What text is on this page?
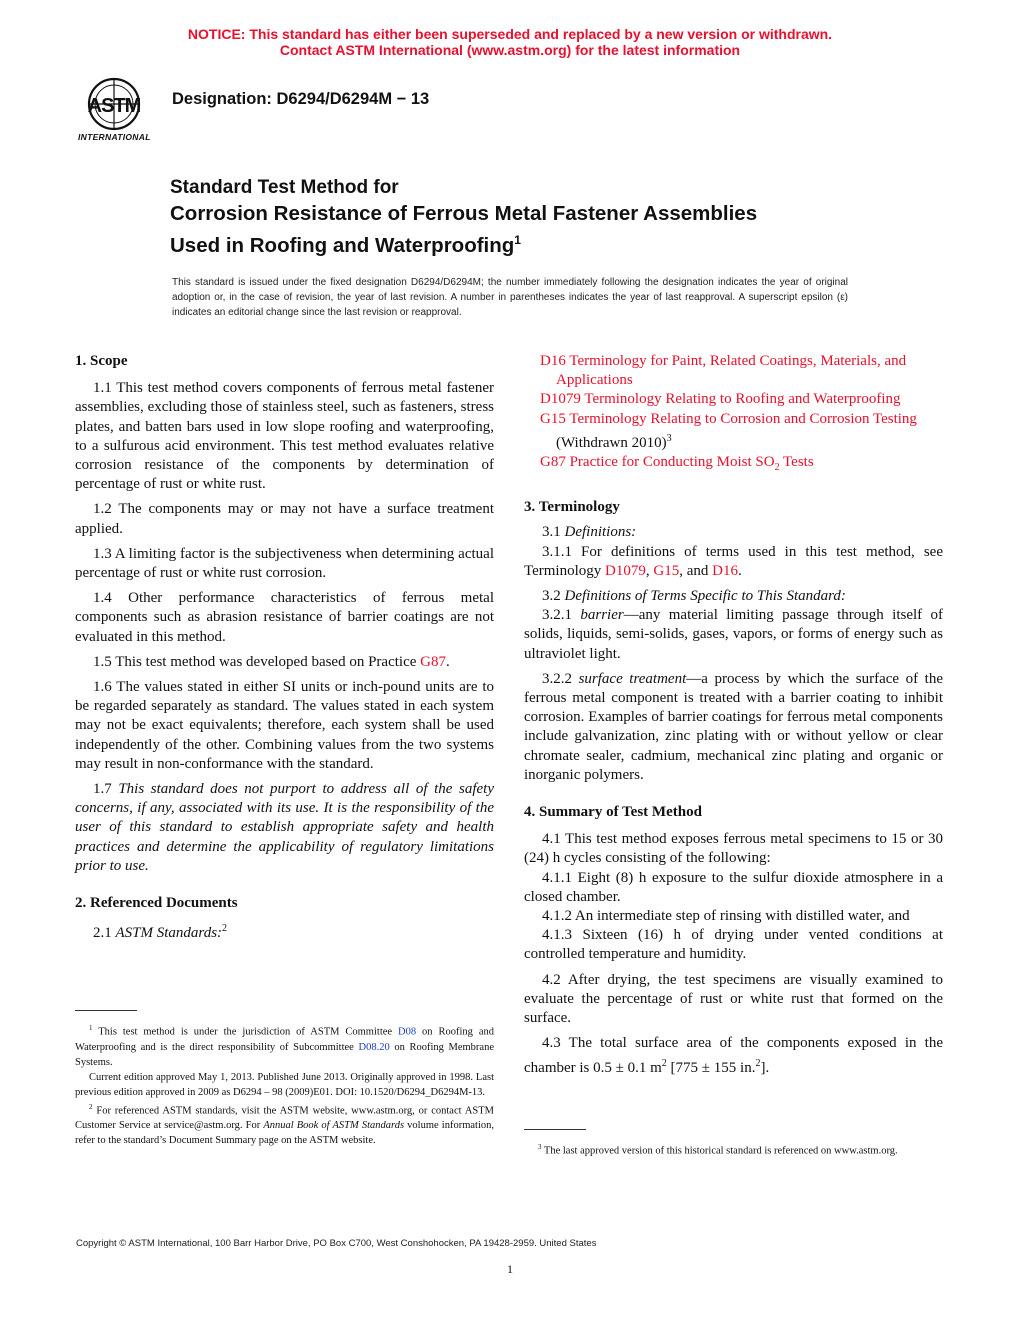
NOTICE: This standard has either been superseded and replaced by a new version or withdrawn.
Contact ASTM International (www.astm.org) for the latest information
ASTM
INTERNATIONAL
Designation: D6294/D6294M − 13
Standard Test Method for
Corrosion Resistance of Ferrous Metal Fastener Assemblies
Used in Roofing and Waterproofing$^1$
This standard is issued under the fixed designation D6294/D6294M; the number immediately following the designation indicates the year of original adoption or, in the case of revision, the year of last revision. A number in parentheses indicates the year of last reapproval. A superscript epsilon (ε) indicates an editorial change since the last revision or reapproval.

1. Scope

1.1 This test method covers components of ferrous metal fastener assemblies, excluding those of stainless steel, such as fasteners, stress plates, and batten bars used in low slope roofing and waterproofing, to a sulfurous acid environment. This test method evaluates relative corrosion resistance of the components by determination of percentage of rust or white rust.

1.2 The components may or may not have a surface treatment applied.

1.3 A limiting factor is the subjectiveness when determining actual percentage of rust or white rust corrosion.

1.4 Other performance characteristics of ferrous metal components such as abrasion resistance of barrier coatings are not evaluated in this method.

1.5 This test method was developed based on Practice G87.

1.6 The values stated in either SI units or inch-pound units are to be regarded separately as standard. The values stated in each system may not be exact equivalents; therefore, each system shall be used independently of the other. Combining values from the two systems may result in non-conformance with the standard.

1.7 This standard does not purport to address all of the safety concerns, if any, associated with its use. It is the responsibility of the user of this standard to establish appropriate safety and health practices and determine the applicability of regulatory limitations prior to use.

2. Referenced Documents

2.1 ASTM Standards:$^2$

$^1$ This test method is under the jurisdiction of ASTM Committee D08 on Roofing and Waterproofing and is the direct responsibility of Subcommittee D08.20 on Roofing Membrane Systems.

Current edition approved May 1, 2013. Published June 2013. Originally approved in 1998. Last previous edition approved in 2009 as D6294 – 98 (2009)E01. DOI: 10.1520/D6294_D6294M-13.

$^2$ For referenced ASTM standards, visit the ASTM website, www.astm.org, or contact ASTM Customer Service at service@astm.org. For Annual Book of ASTM Standards volume information, refer to the standard’s Document Summary page on the ASTM website.

D16 Terminology for Paint, Related Coatings, Materials, and Applications

D1079 Terminology Relating to Roofing and Waterproofing

G15 Terminology Relating to Corrosion and Corrosion Testing (Withdrawn 2010)$^3$

G87 Practice for Conducting Moist $SO_2$ Tests

3. Terminology

3.1 Definitions:

3.1.1 For definitions of terms used in this test method, see Terminology D1079, G15, and D16.

3.2 Definitions of Terms Specific to This Standard:

3.2.1 barrier—any material limiting passage through itself of solids, liquids, semi-solids, gases, vapors, or forms of energy such as ultraviolet light.

3.2.2 surface treatment—a process by which the surface of the ferrous metal component is treated with a barrier coating to inhibit corrosion. Examples of barrier coatings for ferrous metal components include galvanization, zinc plating with or without yellow or clear chromate sealer, cadmium, mechanical zinc plating and organic or inorganic polymers.

4. Summary of Test Method

4.1 This test method exposes ferrous metal specimens to 15 or 30 (24) h cycles consisting of the following:

4.1.1 Eight (8) h exposure to the sulfur dioxide atmosphere in a closed chamber.

4.1.2 An intermediate step of rinsing with distilled water, and

4.1.3 Sixteen (16) h of drying under vented conditions at controlled temperature and humidity.

4.2 After drying, the test specimens are visually examined to evaluate the percentage of rust or white rust that formed on the surface.

4.3 The total surface area of the components exposed in the chamber is 0.5 ± 0.1 $m^2$ [775 ± 155 in.$^2$].

$^3$ The last approved version of this historical standard is referenced on www.astm.org.

Copyright © ASTM International, 100 Barr Harbor Drive, PO Box C700, West Conshohocken, PA 19428-2959. United States
1
